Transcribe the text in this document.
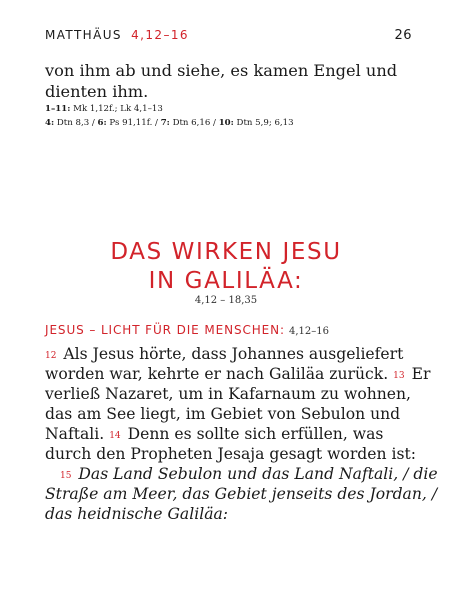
MATTHÄUS 4,12–16	26
von ihm ab und siehe, es kamen Engel und dienten ihm.
1–11: Mk 1,12f.; Lk 4,1–13
4: Dtn 8,3 / 6: Ps 91,11f. / 7: Dtn 6,16 / 10: Dtn 5,9; 6,13
DAS WIRKEN JESU
IN GALILÄA:
4,12 – 18,35
JESUS – LICHT FÜR DIE MENSCHEN: 4,12–16
12 Als Jesus hörte, dass Johannes ausgeliefert
worden war, kehrte er nach Galiläa zurück. 13 Er
verließ Nazaret, um in Kafarnaum zu wohnen,
das am See liegt, im Gebiet von Sebulon und
Naftali. 14 Denn es sollte sich erfüllen, was
durch den Propheten Jesaja gesagt worden ist:
15 Das Land Sebulon und das Land Naftali, / die
Straße am Meer, das Gebiet jenseits des Jordan, /
das heidnische Galiläa:
